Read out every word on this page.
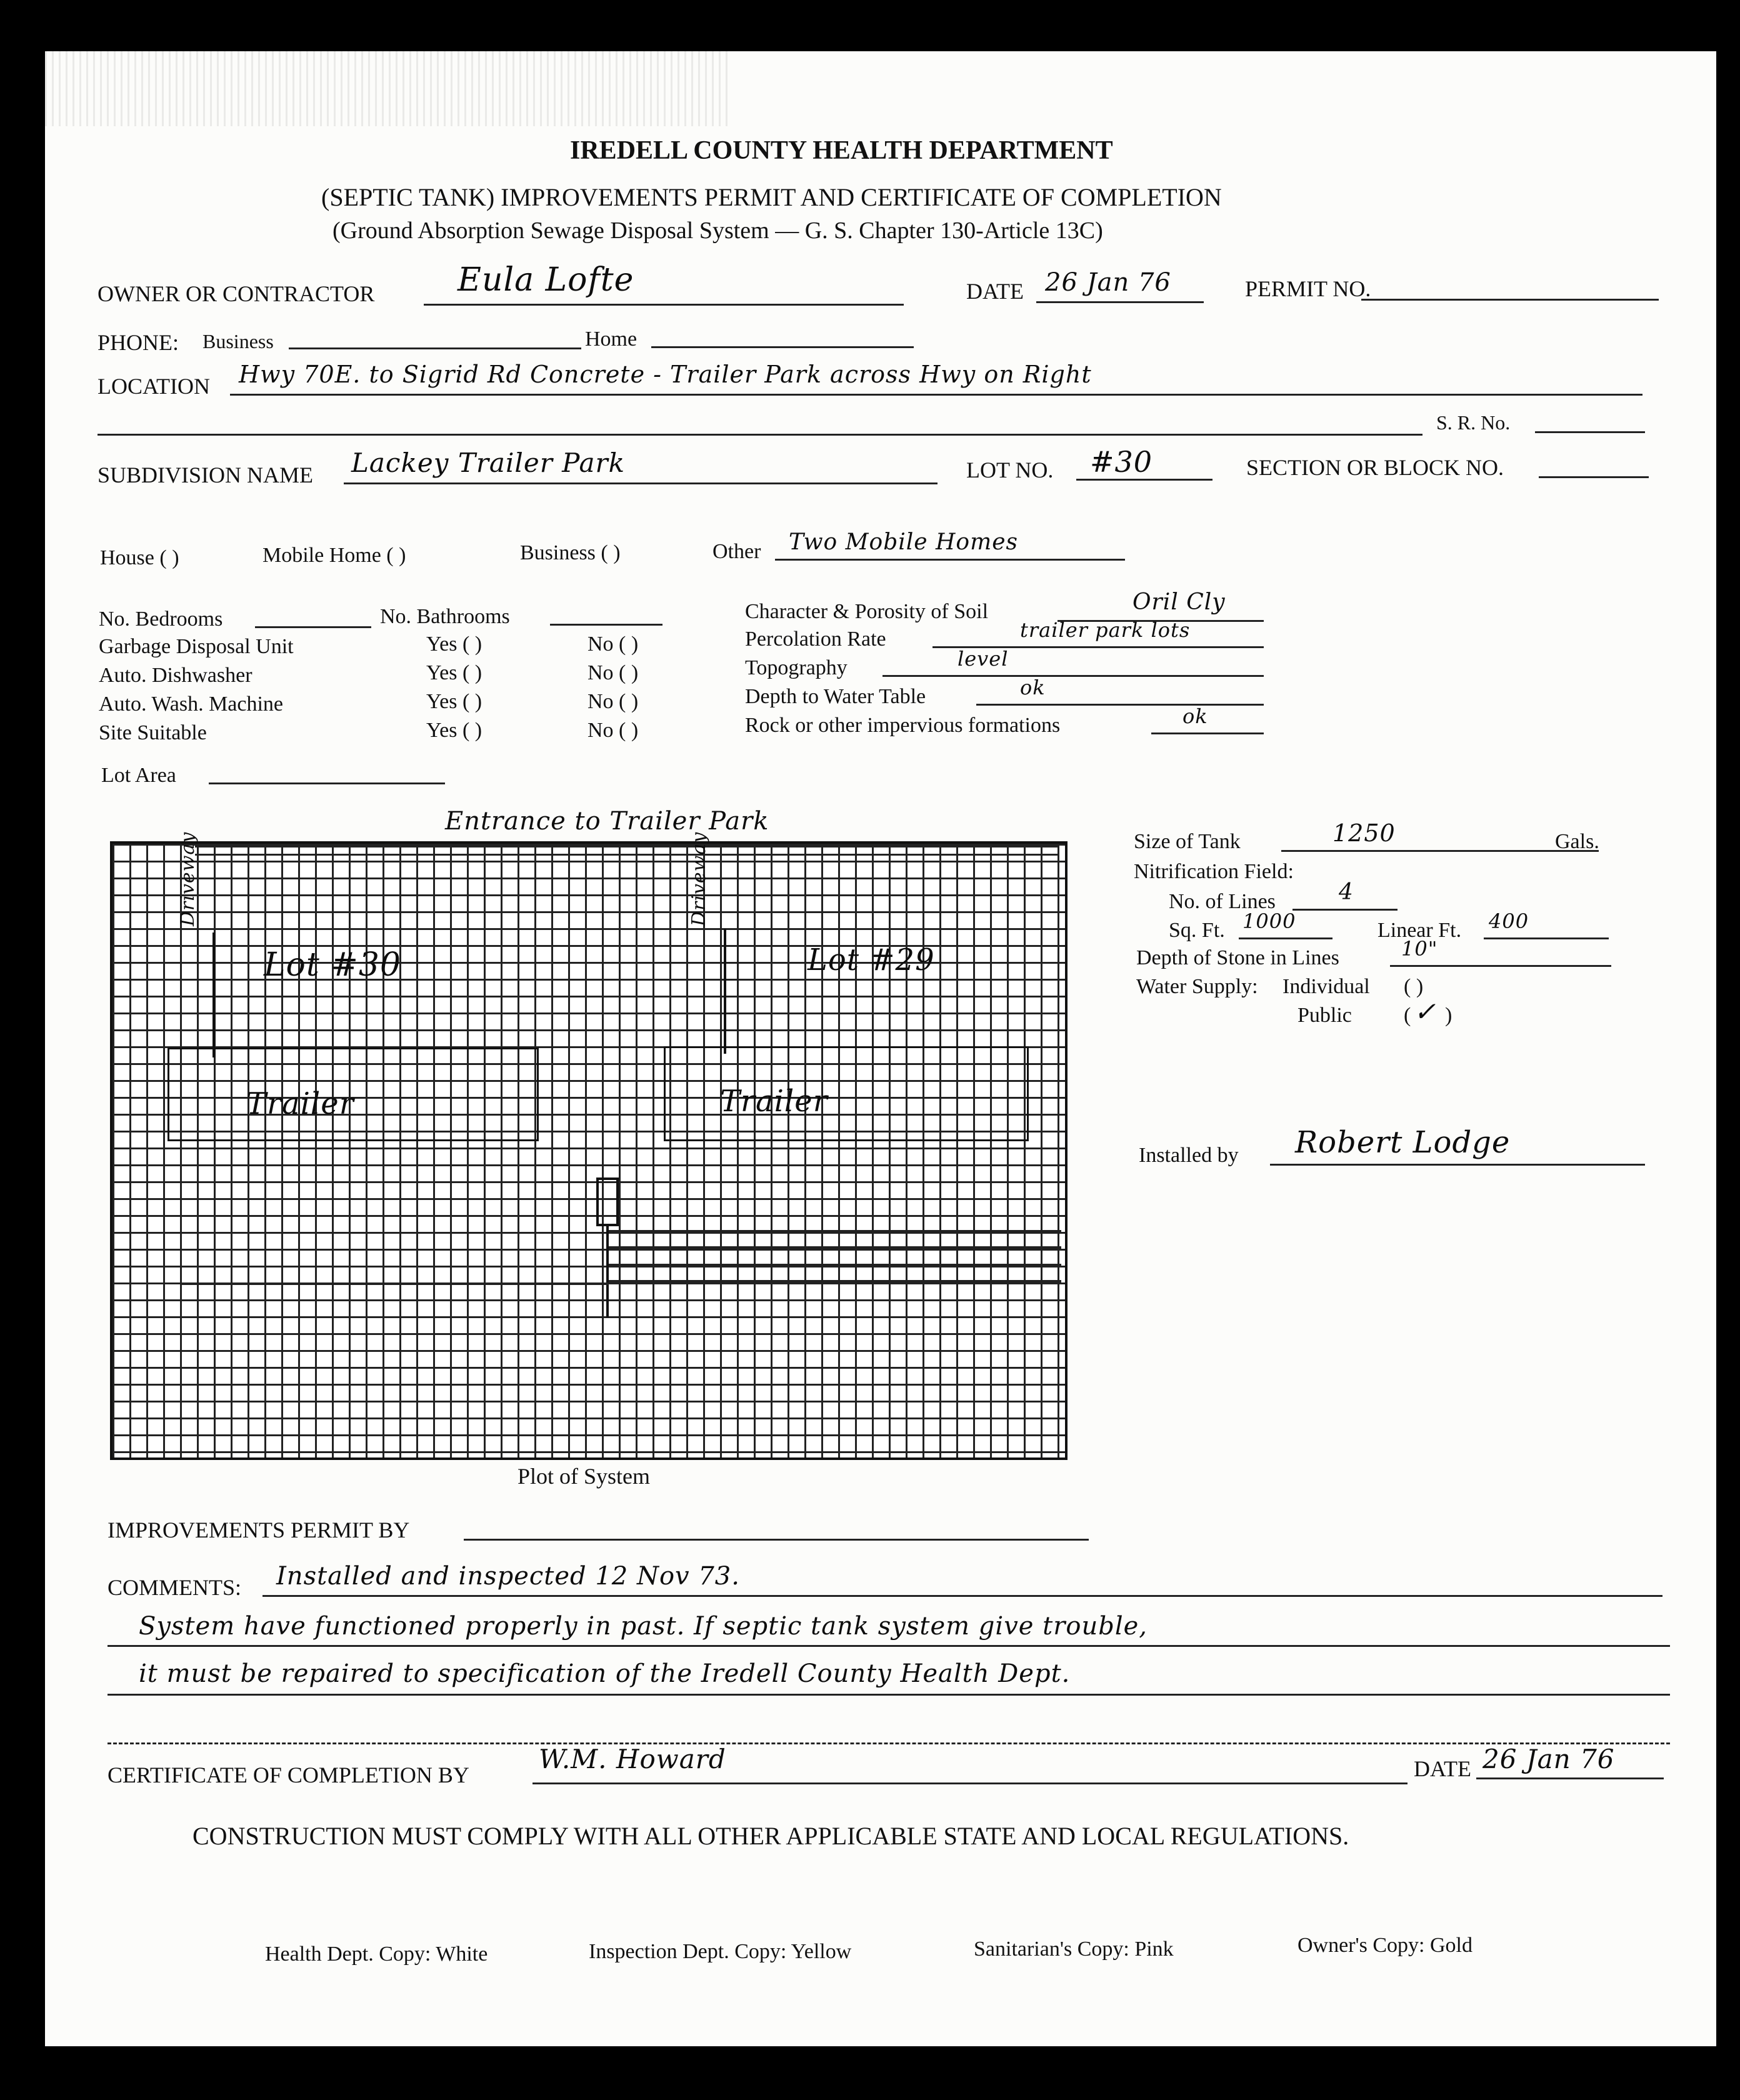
IREDELL COUNTY HEALTH DEPARTMENT
(SEPTIC TANK) IMPROVEMENTS PERMIT AND CERTIFICATE OF COMPLETION
(Ground Absorption Sewage Disposal System — G. S. Chapter 130-Article 13C)
OWNER OR CONTRACTOR	Eula Lofte	DATE 26 Jan 76	PERMIT NO.
PHONE: Business	Home
LOCATION Hwy 70E. to Sigrid Rd Concrete - Trailer Park across Hwy on Right
S. R. No.
SUBDIVISION NAME Lackey Trailer Park	LOT NO. #30	SECTION OR BLOCK NO.
House ( )	Mobile Home ( )	Business ( )	Other Two Mobile Homes
No. Bedrooms	No. Bathrooms
Garbage Disposal Unit	Yes ( )	No ( )
Auto. Dishwasher	Yes ( )	No ( )
Auto. Wash. Machine	Yes ( )	No ( )
Site Suitable	Yes ( )	No ( )
Lot Area
Character & Porosity of Soil	Oril Cly
Percolation Rate	trailer park lots
Topography	level
Depth to Water Table	ok
Rock or other impervious formations	ok
Entrance to Trailer Park
Driveway	Driveway
Lot #30	Lot #29
Trailer	Trailer
Plot of System
Size of Tank	1250	Gals.
Nitrification Field:
No. of Lines	4
Sq. Ft. 1000	Linear Ft. 400
Depth of Stone in Lines	10"
Water Supply: Individual ( )
Public ( ✓ )
Installed by Robert Lodge
IMPROVEMENTS PERMIT BY
COMMENTS: Installed and inspected 12 Nov 73.
System have functioned properly in past. If septic tank system give trouble,
it must be repaired to specification of the Iredell County Health Dept.
CERTIFICATE OF COMPLETION BY
W.M. Howard	DATE 26 Jan 76
CONSTRUCTION MUST COMPLY WITH ALL OTHER APPLICABLE STATE AND LOCAL REGULATIONS.
Health Dept. Copy: White	Inspection Dept. Copy: Yellow	Sanitarian's Copy: Pink	Owner's Copy: Gold
